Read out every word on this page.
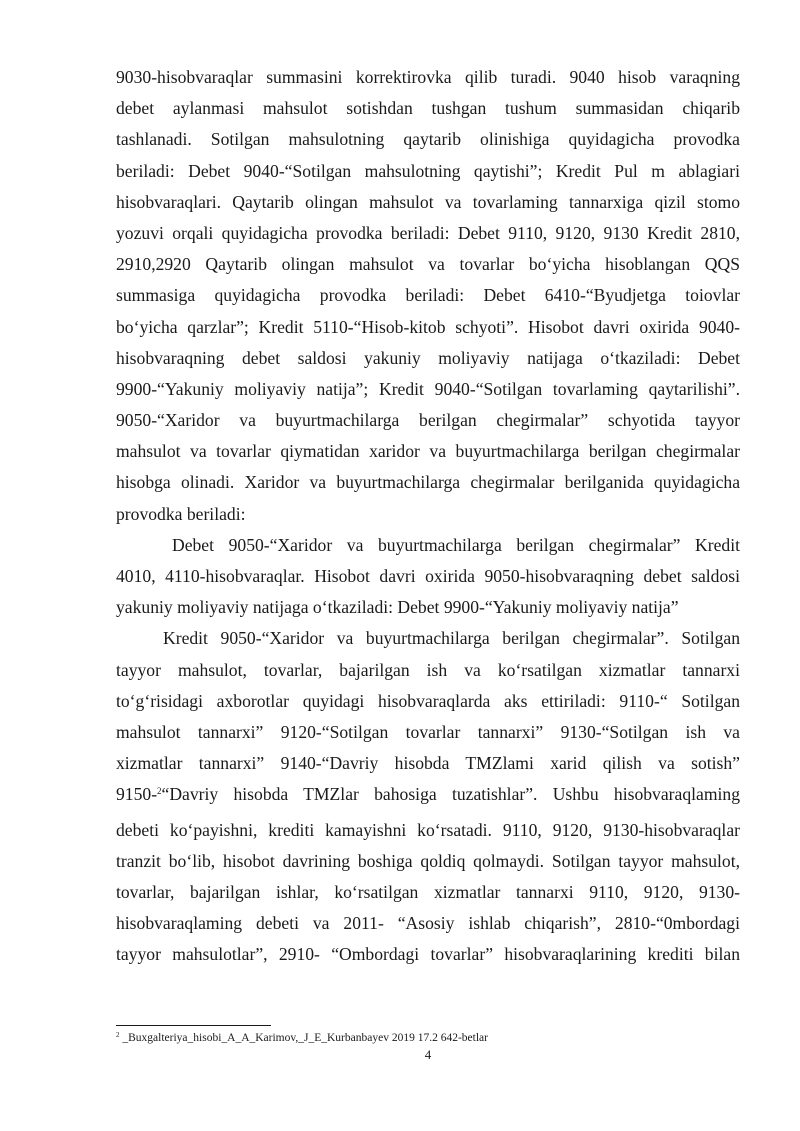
9030-hisobvaraqlar summasini korrektirovka qilib turadi. 9040 hisob varaqning
debet aylanmasi mahsulot sotishdan tushgan tushum summasidan chiqarib
tashlanadi. Sotilgan mahsulotning qaytarib olinishiga quyidagicha provodka
beriladi: Debet 9040-“Sotilgan mahsulotning qaytishi”; Kredit Pul m ablagiari
hisobvaraqlari. Qaytarib olingan mahsulot va tovarlaming tannarxiga qizil stomo
yozuvi orqali quyidagicha provodka beriladi: Debet 9110, 9120, 9130 Kredit 2810,
2910,2920 Qaytarib olingan mahsulot va tovarlar bo‘yicha hisoblangan QQS
summasiga quyidagicha provodka beriladi: Debet 6410-“Byudjetga toiovlar
bo‘yicha qarzlar”; Kredit 5110-“Hisob-kitob schyoti”. Hisobot davri oxirida 9040-
hisobvaraqning debet saldosi yakuniy moliyaviy natijaga o‘tkaziladi: Debet
9900-“Yakuniy moliyaviy natija”; Kredit 9040-“Sotilgan tovarlaming qaytarilishi”.
9050-“Xaridor va buyurtmachilarga berilgan chegirmalar” schyotida tayyor
mahsulot va tovarlar qiymatidan xaridor va buyurtmachilarga berilgan chegirmalar
hisobga olinadi. Xaridor va buyurtmachilarga chegirmalar berilganida quyidagicha
provodka beriladi:
Debet 9050-“Xaridor va buyurtmachilarga berilgan chegirmalar” Kredit
4010, 4110-hisobvaraqlar. Hisobot davri oxirida 9050-hisobvaraqning debet saldosi
yakuniy moliyaviy natijaga o‘tkaziladi: Debet 9900-“Yakuniy moliyaviy natija”
Kredit 9050-“Xaridor va buyurtmachilarga berilgan chegirmalar”. Sotilgan
tayyor mahsulot, tovarlar, bajarilgan ish va ko‘rsatilgan xizmatlar tannarxi
to‘g‘risidagi axborotlar quyidagi hisobvaraqlarda aks ettiriladi: 9110-“ Sotilgan
mahsulot tannarxi” 9120-“Sotilgan tovarlar tannarxi” 9130-“Sotilgan ish va
xizmatlar tannarxi” 9140-“Davriy hisobda TMZlami xarid qilish va sotish”
9150-$^2$“Davriy hisobda TMZlar bahosiga tuzatishlar”. Ushbu hisobvaraqlaming
debeti ko‘payishni, krediti kamayishni ko‘rsatadi. 9110, 9120, 9130-hisobvaraqlar
tranzit bo‘lib, hisobot davrining boshiga qoldiq qolmaydi. Sotilgan tayyor mahsulot,
tovarlar, bajarilgan ishlar, ko‘rsatilgan xizmatlar tannarxi 9110, 9120, 9130-
hisobvaraqlaming debeti va 2011- “Asosiy ishlab chiqarish”, 2810-“0mbordagi
tayyor mahsulotlar”, 2910- “Ombordagi tovarlar” hisobvaraqlarining krediti bilan
$^2$ _Buxgalteriya_hisobi_A_A_Karimov,_J_E_Kurbanbayev 2019 17.2 642-betlar
4
